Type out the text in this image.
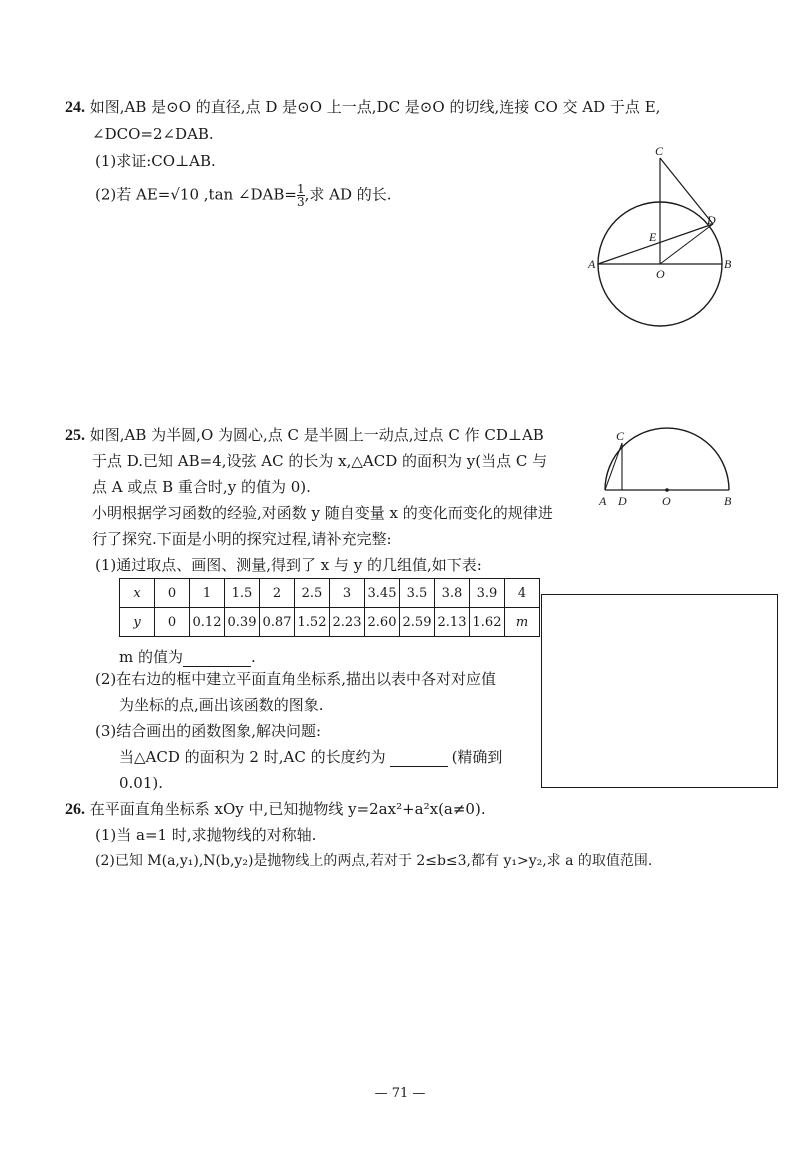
24. 如图,AB 是⊙O 的直径,点 D 是⊙O 上一点,DC 是⊙O 的切线,连接 CO 交 AD 于点 E,
∠DCO=2∠DAB.
(1)求证:CO⊥AB.
(2)若 AE=√10 ,tan ∠DAB= $\frac{1}{3}$ ,求 AD 的长.
C
D
E
A
O
B
25. 如图,AB 为半圆,O 为圆心,点 C 是半圆上一动点,过点 C 作 CD⊥AB
于点 D.已知 AB=4,设弦 AC 的长为 x,△ACD 的面积为 y(当点 C 与
点 A 或点 B 重合时,y 的值为 0).
小明根据学习函数的经验,对函数 y 随自变量 x 的变化而变化的规律进
行了探究.下面是小明的探究过程,请补充完整:
(1)通过取点、画图、测量,得到了 x 与 y 的几组值,如下表:
C
A D	O	B
x	0	1	1.5	2	2.5	3	3.45	3.5	3.8	3.9	4
y	0	0.12	0.39	0.87	1.52	2.23	2.60	2.59	2.13	1.62	m
m 的值为	.
(2)在右边的框中建立平面直角坐标系,描出以表中各对对应值
为坐标的点,画出该函数的图象.
(3)结合画出的函数图象,解决问题:
当△ACD 的面积为 2 时,AC 的长度约为	(精确到
0.01).
26. 在平面直角坐标系 xOy 中,已知抛物线 y=2ax²+a²x(a≠0).
(1)当 a=1 时,求抛物线的对称轴.
(2)已知 M(a,y₁),N(b,y₂)是抛物线上的两点,若对于 2≤b≤3,都有 y₁>y₂,求 a 的取值范围.
— 71 —
